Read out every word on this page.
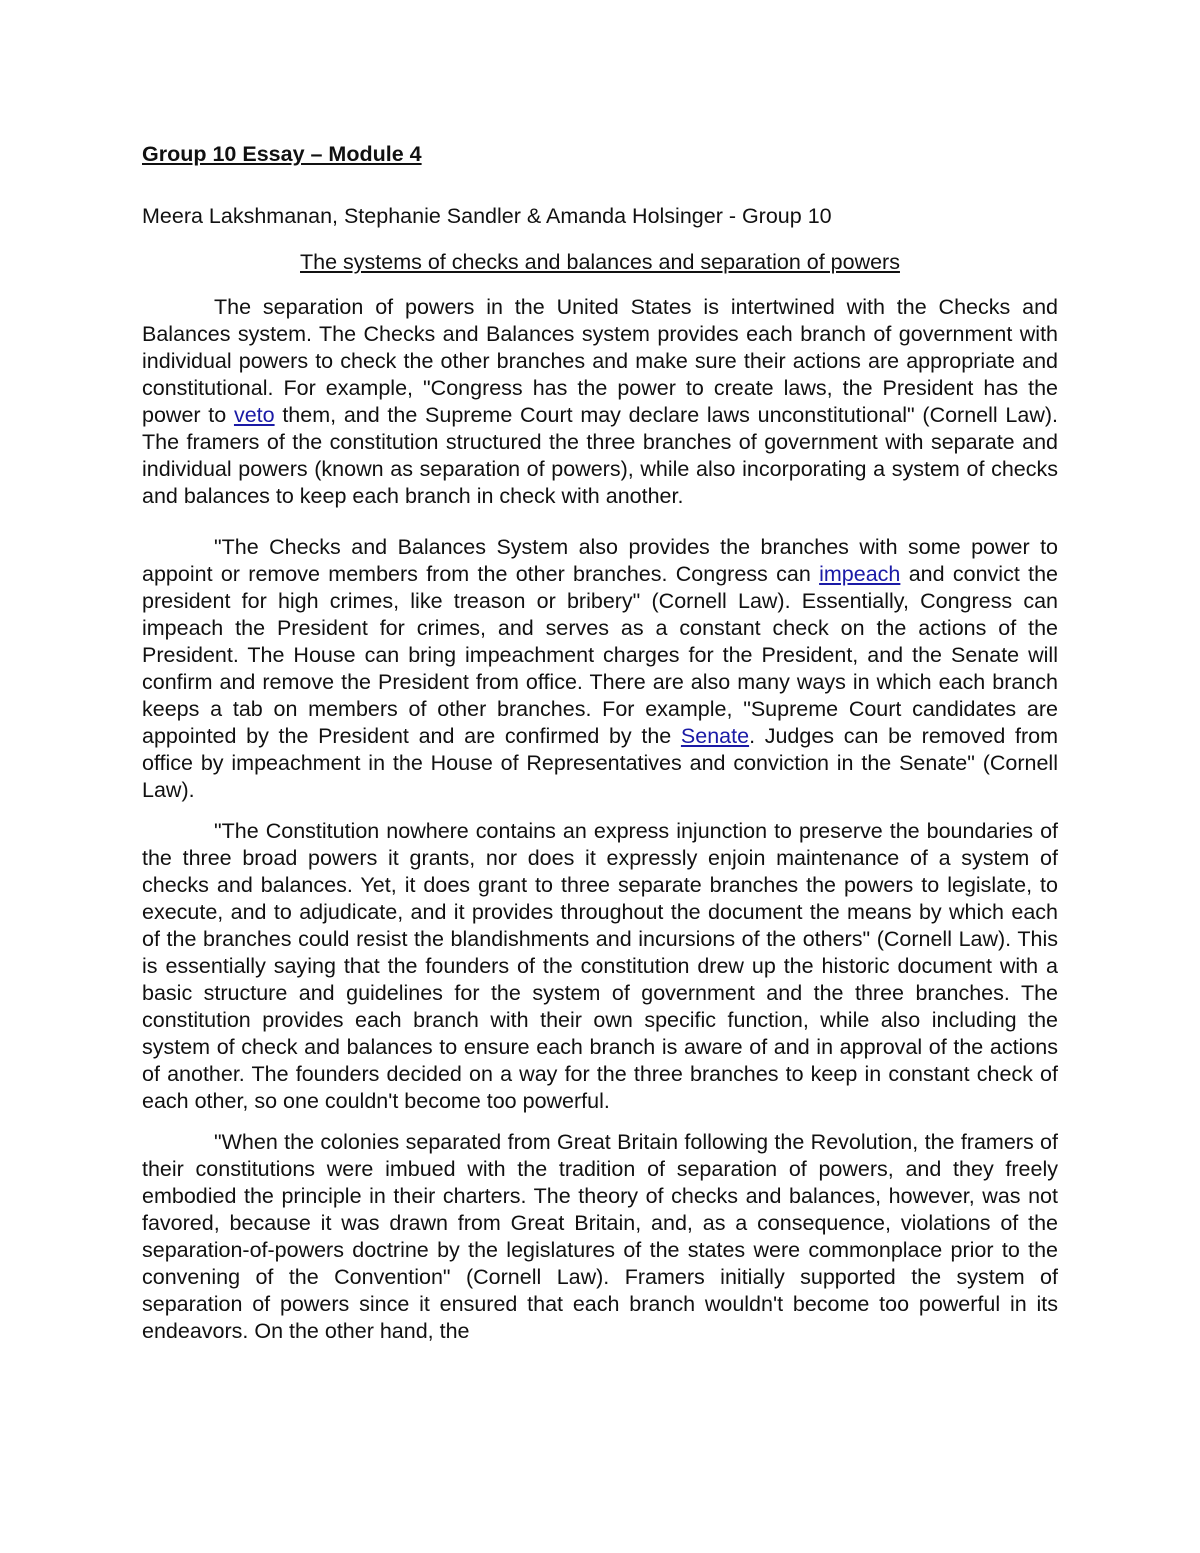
Group 10 Essay – Module 4
Meera Lakshmanan, Stephanie Sandler & Amanda Holsinger - Group 10
The systems of checks and balances and separation of powers

The separation of powers in the United States is intertwined with the Checks and Balances system. The Checks and Balances system provides each branch of government with individual powers to check the other branches and make sure their actions are appropriate and constitutional. For example, "Congress has the power to create laws, the President has the power to veto them, and the Supreme Court may declare laws unconstitutional" (Cornell Law). The framers of the constitution structured the three branches of government with separate and individual powers (known as separation of powers), while also incorporating a system of checks and balances to keep each branch in check with another.

"The Checks and Balances System also provides the branches with some power to appoint or remove members from the other branches. Congress can impeach and convict the president for high crimes, like treason or bribery" (Cornell Law). Essentially, Congress can impeach the President for crimes, and serves as a constant check on the actions of the President. The House can bring impeachment charges for the President, and the Senate will confirm and remove the President from office. There are also many ways in which each branch keeps a tab on members of other branches. For example, "Supreme Court candidates are appointed by the President and are confirmed by the Senate. Judges can be removed from office by impeachment in the House of Representatives and conviction in the Senate" (Cornell Law).

"The Constitution nowhere contains an express injunction to preserve the boundaries of the three broad powers it grants, nor does it expressly enjoin maintenance of a system of checks and balances. Yet, it does grant to three separate branches the powers to legislate, to execute, and to adjudicate, and it provides throughout the document the means by which each of the branches could resist the blandishments and incursions of the others" (Cornell Law). This is essentially saying that the founders of the constitution drew up the historic document with a basic structure and guidelines for the system of government and the three branches. The constitution provides each branch with their own specific function, while also including the system of check and balances to ensure each branch is aware of and in approval of the actions of another. The founders decided on a way for the three branches to keep in constant check of each other, so one couldn't become too powerful.

"When the colonies separated from Great Britain following the Revolution, the framers of their constitutions were imbued with the tradition of separation of powers, and they freely embodied the principle in their charters. The theory of checks and balances, however, was not favored, because it was drawn from Great Britain, and, as a consequence, violations of the separation-of-powers doctrine by the legislatures of the states were commonplace prior to the convening of the Convention" (Cornell Law). Framers initially supported the system of separation of powers since it ensured that each branch wouldn't become too powerful in its endeavors. On the other hand, the
